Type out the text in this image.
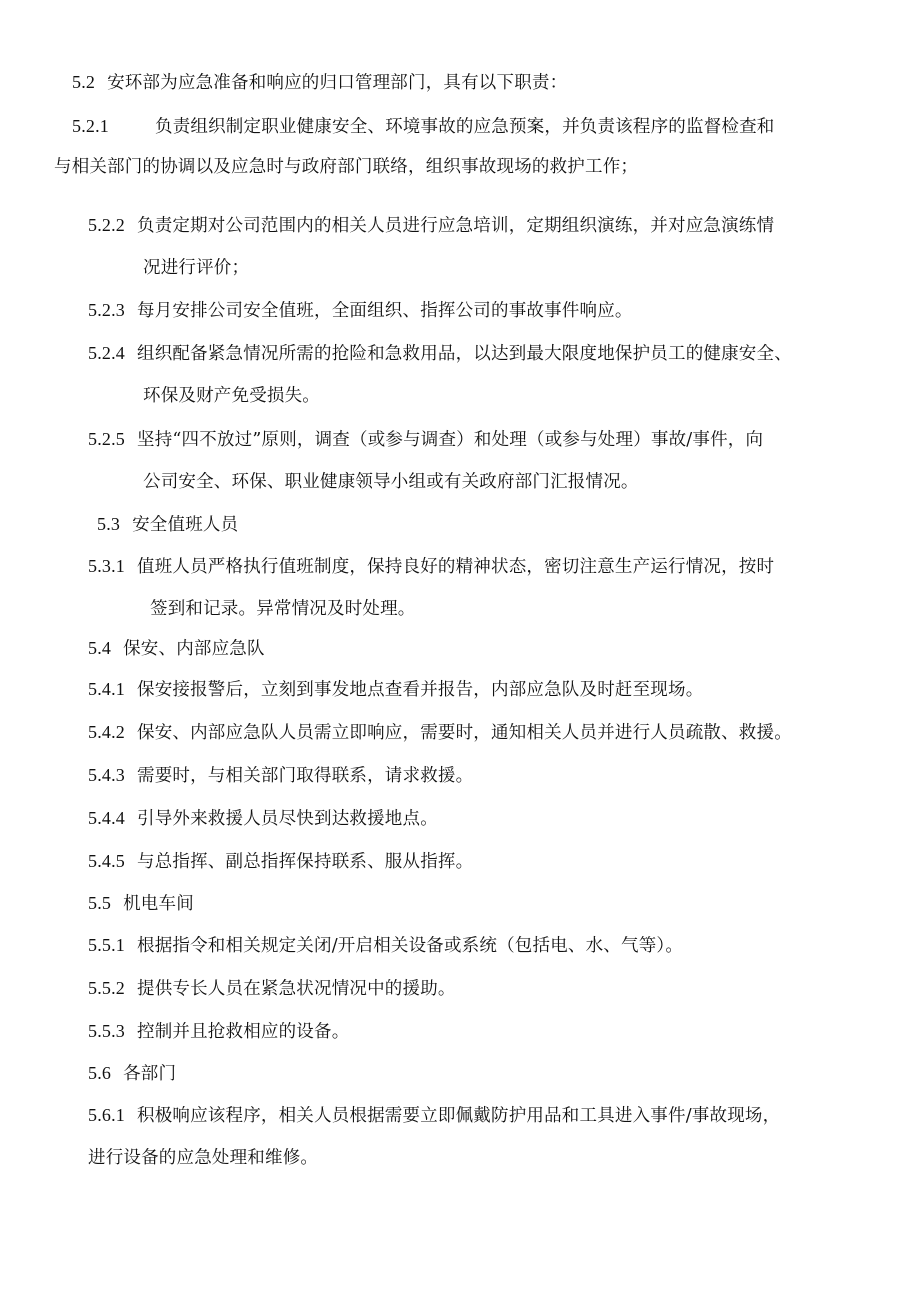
5.2 安环部为应急准备和响应的归口管理部门，具有以下职责：
5.2.1	负责组织制定职业健康安全、环境事故的应急预案，并负责该程序的监督检查和
与相关部门的协调以及应急时与政府部门联络，组织事故现场的救护工作；
5.2.2 负责定期对公司范围内的相关人员进行应急培训，定期组织演练，并对应急演练情
况进行评价；
5.2.3 每月安排公司安全值班，全面组织、指挥公司的事故事件响应。
5.2.4 组织配备紧急情况所需的抢险和急救用品，以达到最大限度地保护员工的健康安全、
环保及财产免受损失。
5.2.5 坚持“四不放过”原则，调查（或参与调查）和处理（或参与处理）事故/事件，向
公司安全、环保、职业健康领导小组或有关政府部门汇报情况。
5.3 安全值班人员
5.3.1 值班人员严格执行值班制度，保持良好的精神状态，密切注意生产运行情况，按时
签到和记录。异常情况及时处理。
5.4 保安、内部应急队
5.4.1 保安接报警后，立刻到事发地点查看并报告，内部应急队及时赶至现场。
5.4.2 保安、内部应急队人员需立即响应，需要时，通知相关人员并进行人员疏散、救援。
5.4.3 需要时，与相关部门取得联系，请求救援。
5.4.4 引导外来救援人员尽快到达救援地点。
5.4.5 与总指挥、副总指挥保持联系、服从指挥。
5.5 机电车间
5.5.1 根据指令和相关规定关闭/开启相关设备或系统（包括电、水、气等）。
5.5.2 提供专长人员在紧急状况情况中的援助。
5.5.3 控制并且抢救相应的设备。
5.6 各部门
5.6.1 积极响应该程序，相关人员根据需要立即佩戴防护用品和工具进入事件/事故现场，
进行设备的应急处理和维修。
